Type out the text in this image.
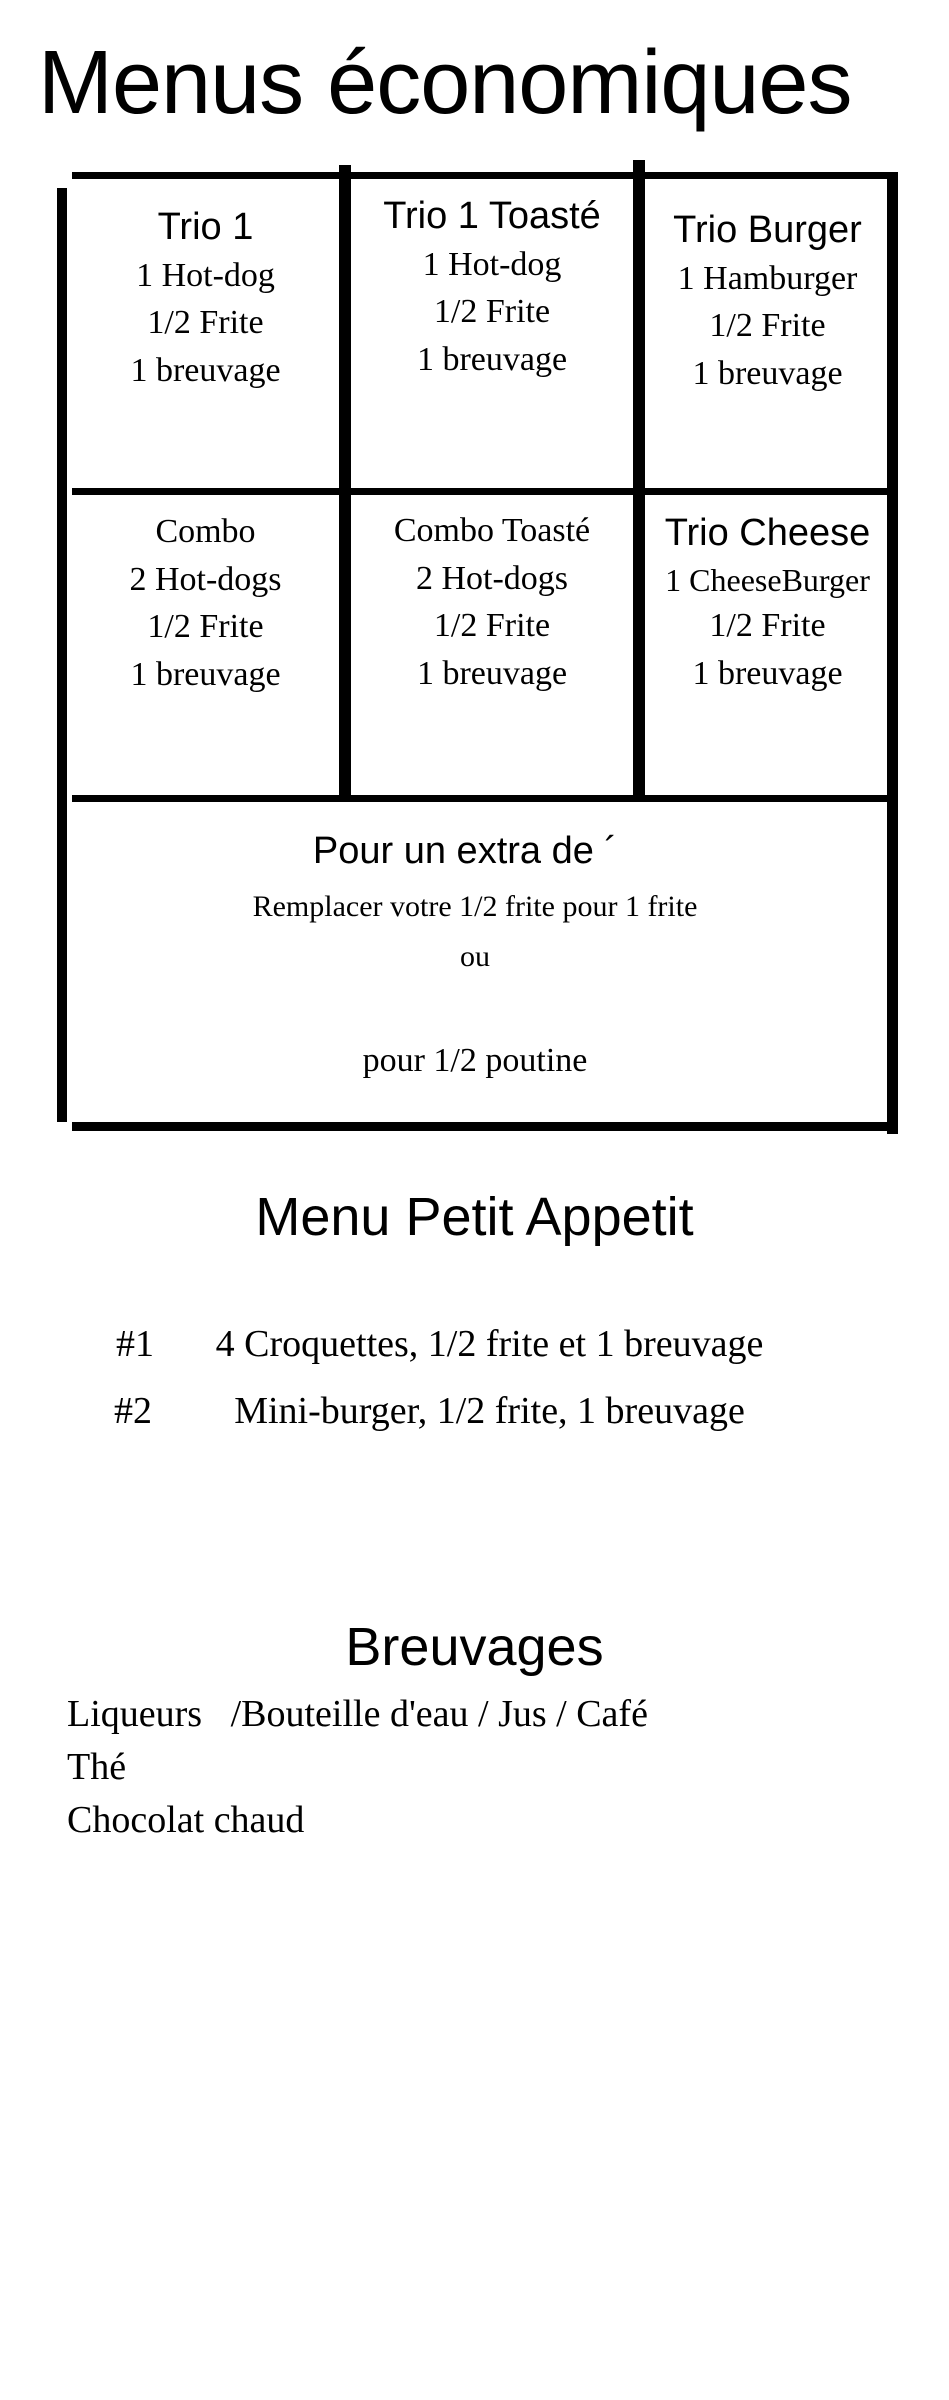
Menus économiques
Trio 1
1 Hot-dog
1/2 Frite
1 breuvage
Trio 1 Toasté
1 Hot-dog
1/2 Frite
1 breuvage
Trio Burger
1 Hamburger
1/2 Frite
1 breuvage
Combo
2 Hot-dogs
1/2 Frite
1 breuvage
Combo Toasté
2 Hot-dogs
1/2 Frite
1 breuvage
Trio Cheese
1 CheeseBurger
1/2 Frite
1 breuvage
Pour un extra de ´
Remplacer votre 1/2 frite pour 1 frite
ou
pour 1/2 poutine
Menu Petit Appetit
#1	4 Croquettes, 1/2 frite et 1 breuvage
#2	Mini-burger, 1/2 frite, 1 breuvage
Breuvages
Liqueurs   /Bouteille d'eau / Jus / Café
Thé
Chocolat chaud
